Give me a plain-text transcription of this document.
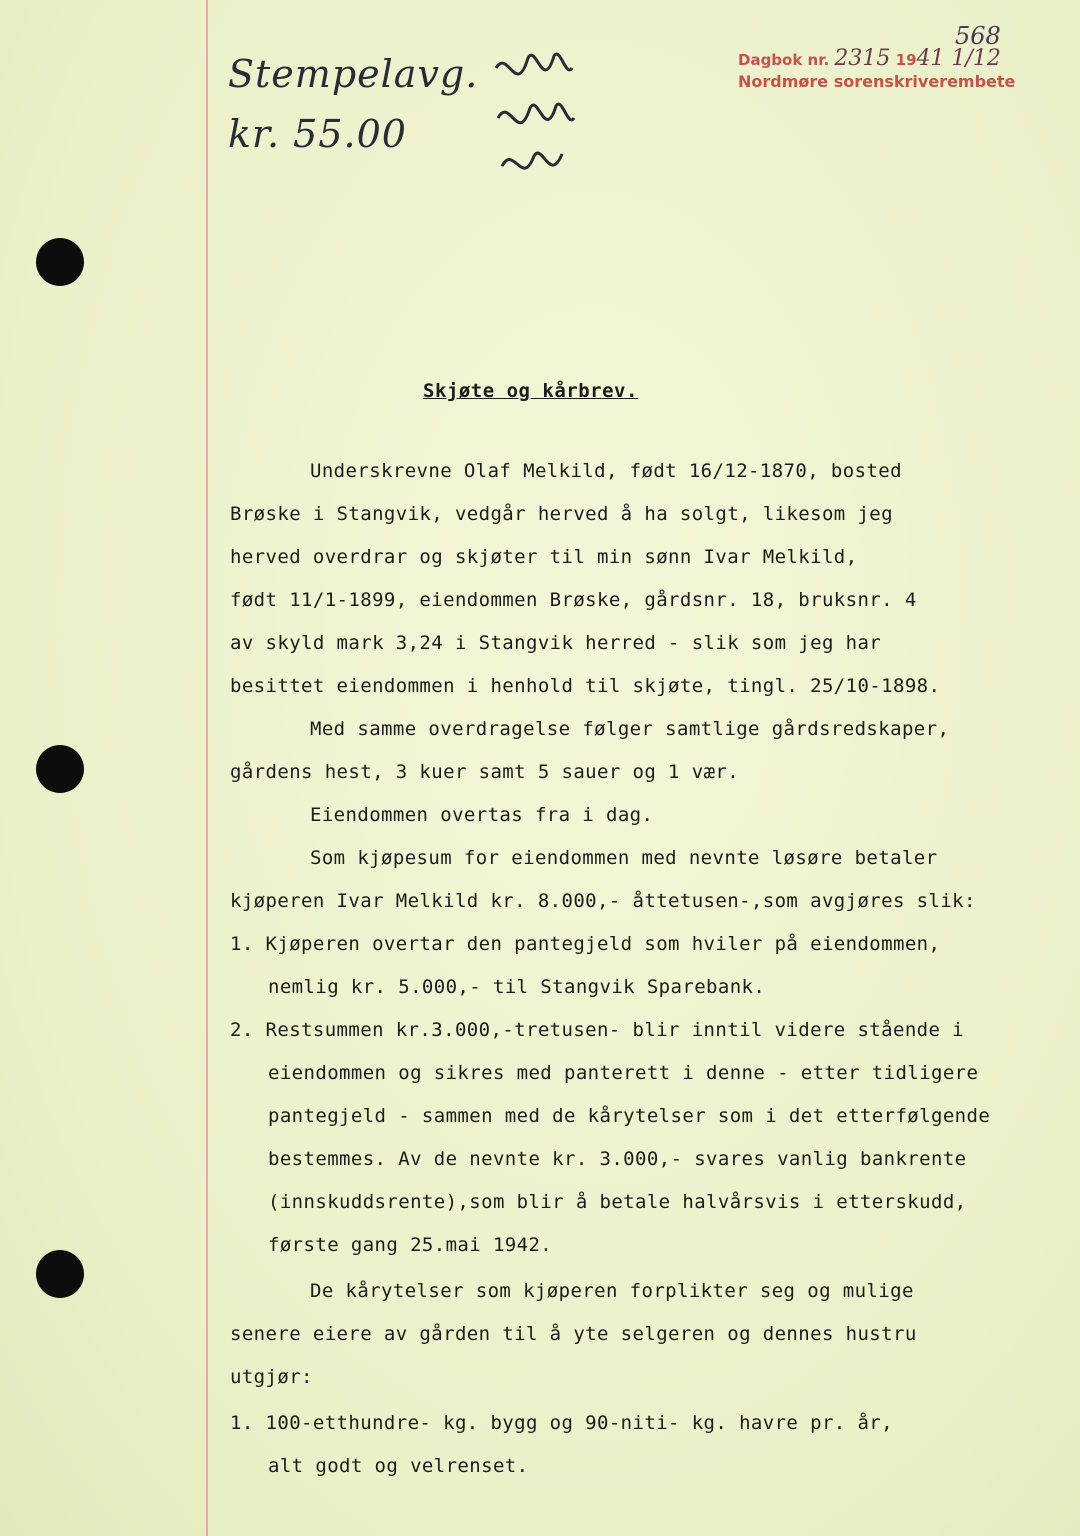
Stempelavg.
kr. 55.00
Dagbok nr. 2315 1941 1/12
Nordmøre sorenskriverembete
568
Skjøte og kårbrev.
Underskrevne Olaf Melkild, født 16/12-1870, bosted
Brøske i Stangvik, vedgår herved å ha solgt, likesom jeg
herved overdrar og skjøter til min sønn Ivar Melkild,
født 11/1-1899, eiendommen Brøske, gårdsnr. 18, bruksnr. 4
av skyld mark 3,24 i Stangvik herred - slik som jeg har
besittet eiendommen i henhold til skjøte, tingl. 25/10-1898.
Med samme overdragelse følger samtlige gårdsredskaper,
gårdens hest, 3 kuer samt 5 sauer og 1 vær.
Eiendommen overtas fra i dag.
Som kjøpesum for eiendommen med nevnte løsøre betaler
kjøperen Ivar Melkild kr. 8.000,- åttetusen-,som avgjøres slik:
1. Kjøperen overtar den pantegjeld som hviler på eiendommen,
nemlig kr. 5.000,- til Stangvik Sparebank.
2. Restsummen kr.3.000,-tretusen- blir inntil videre stående i
eiendommen og sikres med panterett i denne - etter tidligere
pantegjeld - sammen med de kårytelser som i det etterfølgende
bestemmes. Av de nevnte kr. 3.000,- svares vanlig bankrente
(innskuddsrente),som blir å betale halvårsvis i etterskudd,
første gang 25.mai 1942.
De kårytelser som kjøperen forplikter seg og mulige
senere eiere av gården til å yte selgeren og dennes hustru
utgjør:
1. 100-etthundre- kg. bygg og 90-niti- kg. havre pr. år,
alt godt og velrenset.
